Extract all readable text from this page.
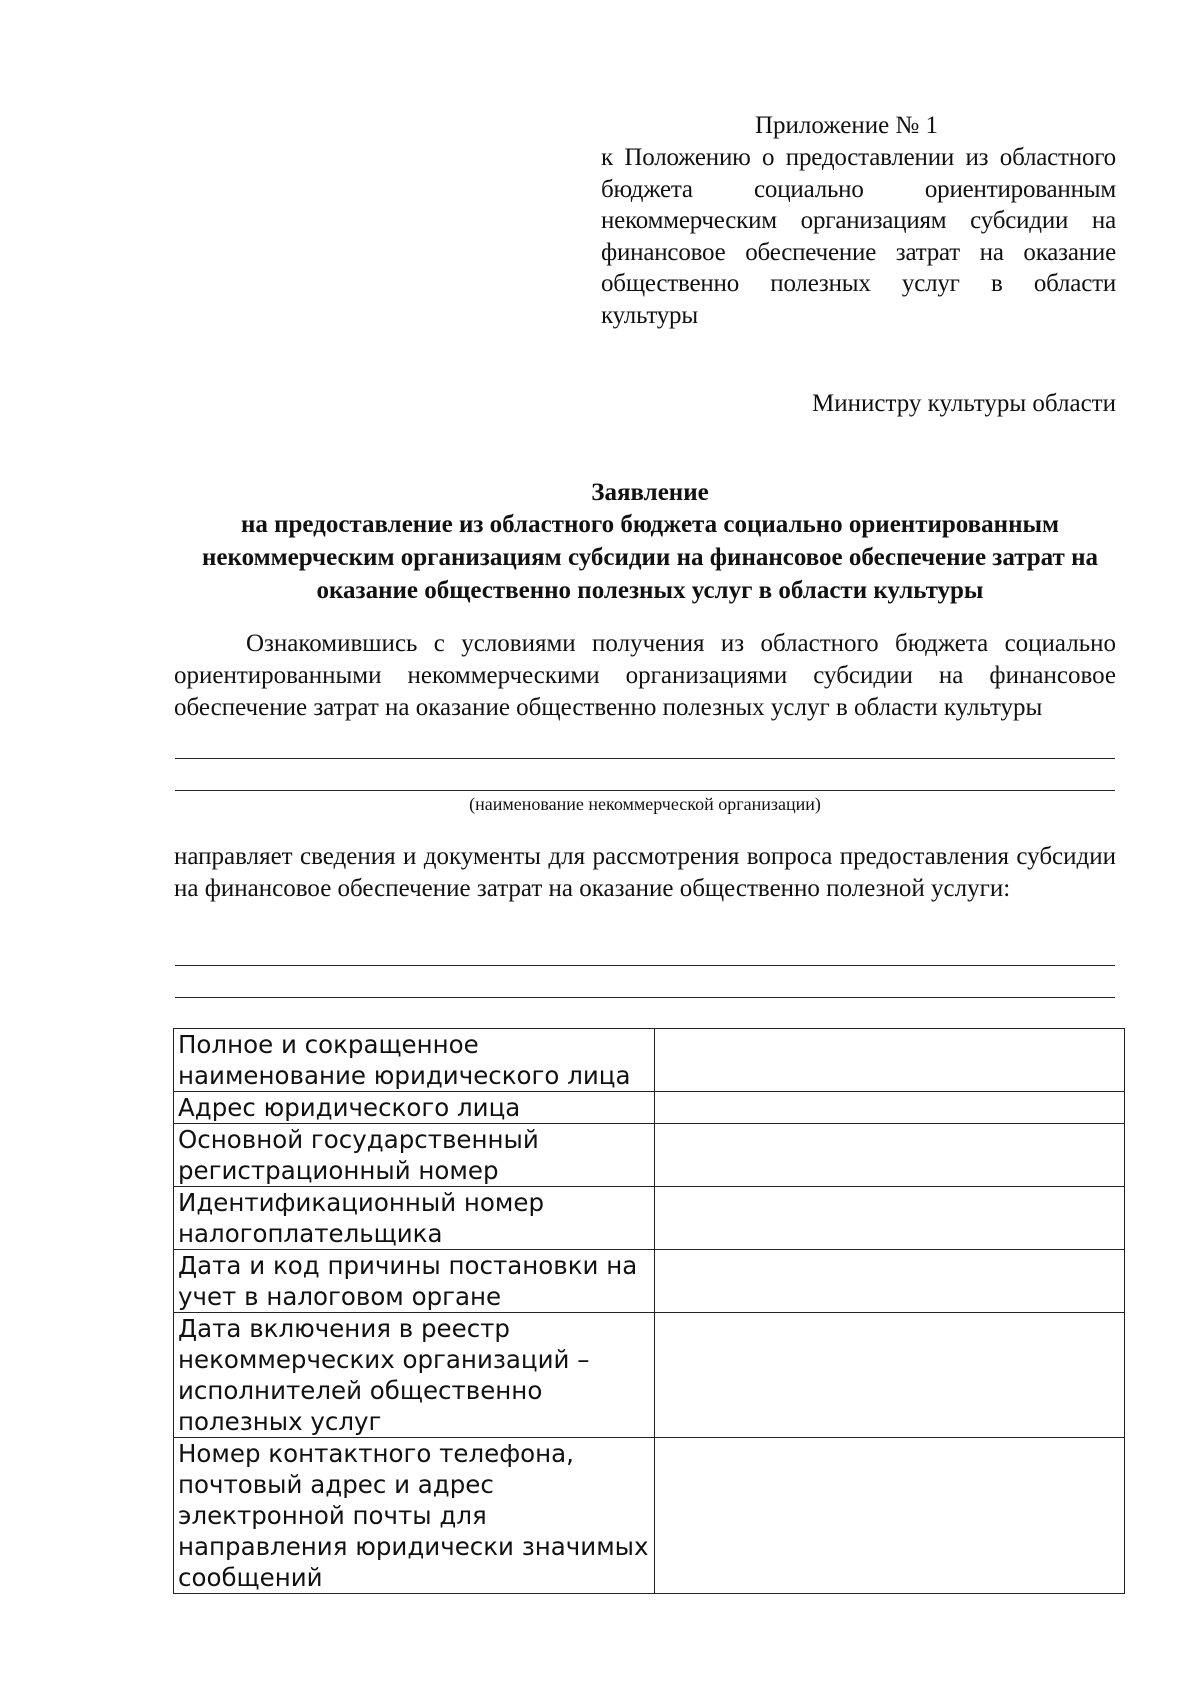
Приложение № 1
к Положению о предоставлении из областного бюджета социально ориентированным некоммерческим организациям субсидии на финансовое обеспечение затрат на оказание общественно полезных услуг в области культуры
Министру культуры области
Заявление
на предоставление из областного бюджета социально ориентированным некоммерческим организациям субсидии на финансовое обеспечение затрат на оказание общественно полезных услуг в области культуры
Ознакомившись с условиями получения из областного бюджета социально ориентированными некоммерческими организациями субсидии на финансовое обеспечение затрат на оказание общественно полезных услуг в области культуры
(наименование некоммерческой организации)
направляет сведения и документы для рассмотрения вопроса предоставления субсидии на финансовое обеспечение затрат на оказание общественно полезной услуги:
Полное и сокращенное наименование юридического лица	
Адрес юридического лица	
Основной государственный регистрационный номер	
Идентификационный номер налогоплательщика	
Дата и код причины постановки на учет в налоговом органе	
Дата включения в реестр некоммерческих организаций – исполнителей общественно полезных услуг	
Номер контактного телефона, почтовый адрес и адрес электронной почты для направления юридически значимых сообщений	
